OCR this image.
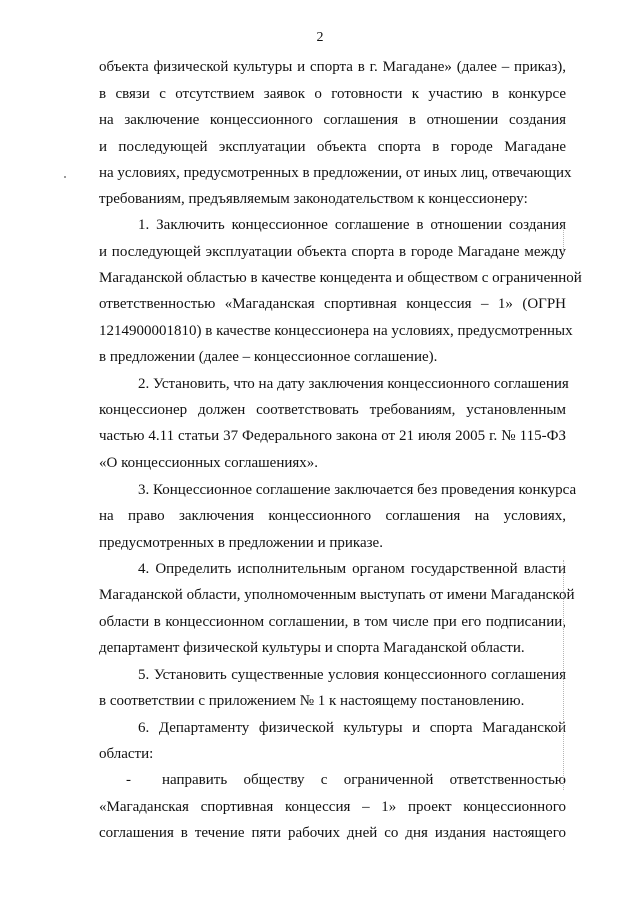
2
объекта физической культуры и спорта в г. Магадане» (далее – приказ),
в связи с отсутствием заявок о готовности к участию в конкурсе
на заключение концессионного соглашения в отношении создания
и последующей эксплуатации объекта спорта в городе Магадане
на условиях, предусмотренных в предложении, от иных лиц, отвечающих
требованиям, предъявляемым законодательством к концессионеру:
1. Заключить концессионное соглашение в отношении создания
и последующей эксплуатации объекта спорта в городе Магадане между
Магаданской областью в качестве концедента и обществом с ограниченной
ответственностью «Магаданская спортивная концессия – 1» (ОГРН
1214900001810) в качестве концессионера на условиях, предусмотренных
в предложении (далее – концессионное соглашение).
2. Установить, что на дату заключения концессионного соглашения
концессионер должен соответствовать требованиям, установленным
частью 4.11 статьи 37 Федерального закона от 21 июля 2005 г. № 115-ФЗ
«О концессионных соглашениях».
3. Концессионное соглашение заключается без проведения конкурса
на право заключения концессионного соглашения на условиях,
предусмотренных в предложении и приказе.
4. Определить исполнительным органом государственной власти
Магаданской области, уполномоченным выступать от имени Магаданской
области в концессионном соглашении, в том числе при его подписании,
департамент физической культуры и спорта Магаданской области.
5. Установить существенные условия концессионного соглашения
в соответствии с приложением № 1 к настоящему постановлению.
6. Департаменту физической культуры и спорта Магаданской
области:
-	направить обществу с ограниченной ответственностью
«Магаданская спортивная концессия – 1» проект концессионного
соглашения в течение пяти рабочих дней со дня издания настоящего
